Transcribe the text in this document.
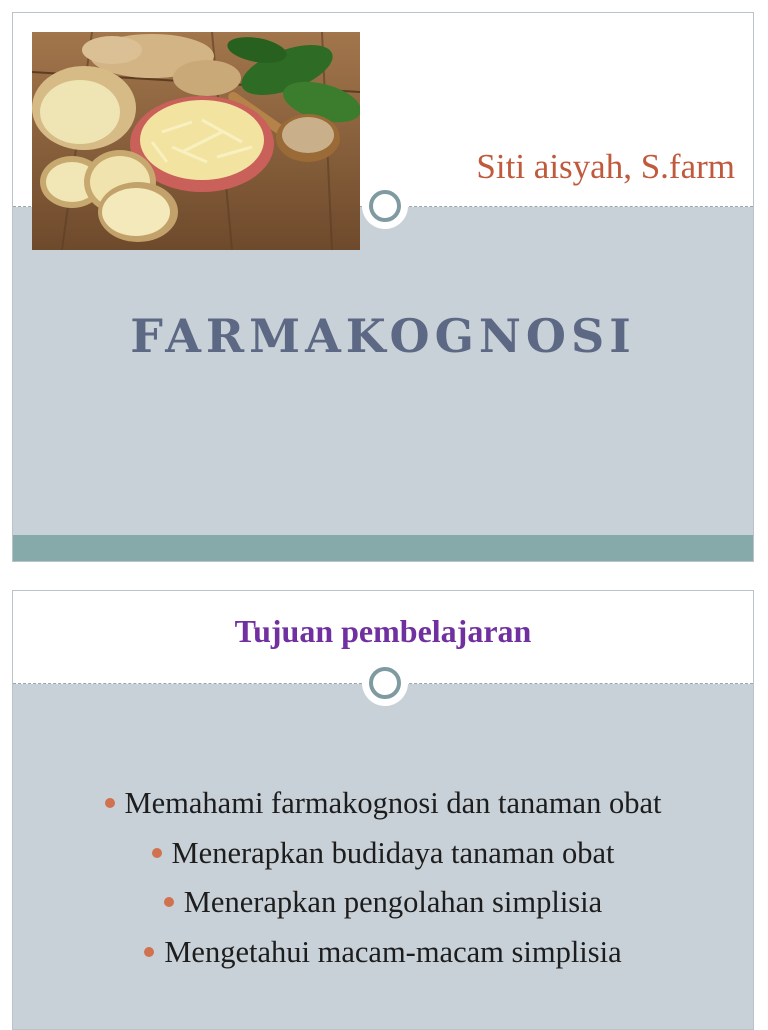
Siti aisyah, S.farm
FARMAKOGNOSI
Tujuan pembelajaran
Memahami farmakognosi dan tanaman obat
Menerapkan budidaya tanaman obat
Menerapkan pengolahan simplisia
Mengetahui macam-macam simplisia
